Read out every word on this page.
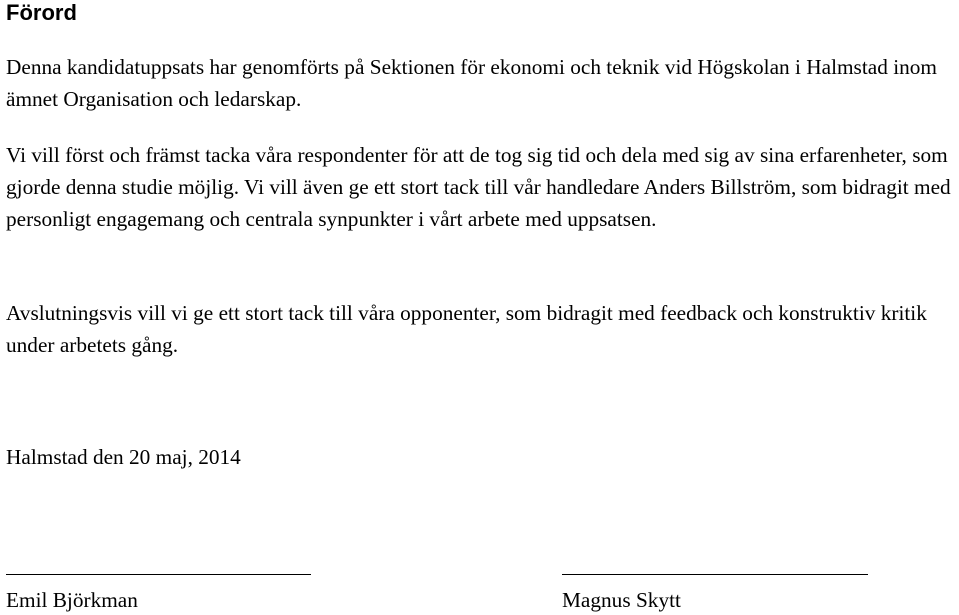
Förord

Denna kandidatuppsats har genomförts på Sektionen för ekonomi och teknik vid Högskolan i Halmstad inom ämnet Organisation och ledarskap.

Vi vill först och främst tacka våra respondenter för att de tog sig tid och dela med sig av sina erfarenheter, som gjorde denna studie möjlig. Vi vill även ge ett stort tack till vår handledare Anders Billström, som bidragit med personligt engagemang och centrala synpunkter i vårt arbete med uppsatsen.

Avslutningsvis vill vi ge ett stort tack till våra opponenter, som bidragit med feedback och konstruktiv kritik under arbetets gång.

Halmstad den 20 maj, 2014

Emil Björkman	Magnus Skytt
